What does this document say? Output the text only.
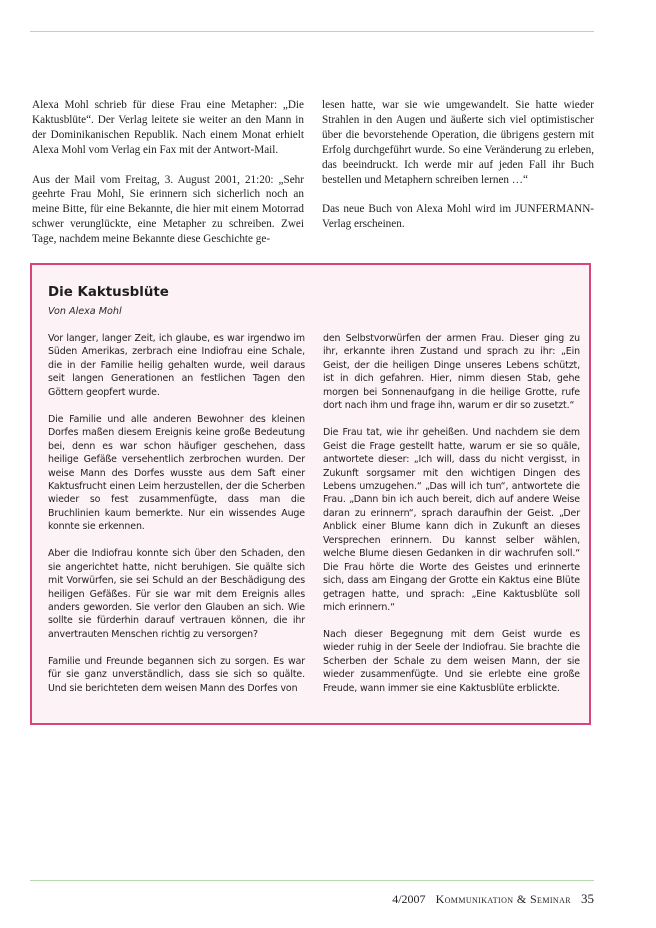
Alexa Mohl schrieb für diese Frau eine Metapher: „Die Kaktusblüte“. Der Verlag leitete sie weiter an den Mann in der Dominikanischen Republik. Nach einem Monat erhielt Alexa Mohl vom Verlag ein Fax mit der Antwort-Mail.

Aus der Mail vom Freitag, 3. August 2001, 21:20: „Sehr geehrte Frau Mohl, Sie erinnern sich sicherlich noch an meine Bitte, für eine Bekannte, die hier mit einem Motorrad schwer verunglückte, eine Metapher zu schreiben. Zwei Tage, nachdem meine Bekannte diese Geschichte ge-

lesen hatte, war sie wie umgewandelt. Sie hatte wieder Strahlen in den Augen und äußerte sich viel optimistischer über die bevorstehende Operation, die übrigens gestern mit Erfolg durchgeführt wurde. So eine Veränderung zu erleben, das beeindruckt. Ich werde mir auf jeden Fall ihr Buch bestellen und Metaphern schreiben lernen …“

Das neue Buch von Alexa Mohl wird im JUNFERMANN-Verlag erscheinen.

Die Kaktusblüte
Von Alexa Mohl

Vor langer, langer Zeit, ich glaube, es war irgendwo im Süden Amerikas, zerbrach eine Indiofrau eine Schale, die in der Familie heilig gehalten wurde, weil daraus seit langen Generationen an festlichen Tagen den Göttern geopfert wurde.

Die Familie und alle anderen Bewohner des kleinen Dorfes maßen diesem Ereignis keine große Bedeutung bei, denn es war schon häufiger geschehen, dass heilige Gefäße versehentlich zerbrochen wurden. Der weise Mann des Dorfes wusste aus dem Saft einer Kaktusfrucht einen Leim herzustellen, der die Scherben wieder so fest zusammenfügte, dass man die Bruchlinien kaum bemerkte. Nur ein wissendes Auge konnte sie erkennen.

Aber die Indiofrau konnte sich über den Schaden, den sie angerichtet hatte, nicht beruhigen. Sie quälte sich mit Vorwürfen, sie sei Schuld an der Beschädigung des heiligen Gefäßes. Für sie war mit dem Ereignis alles anders geworden. Sie verlor den Glauben an sich. Wie sollte sie fürderhin darauf vertrauen können, die ihr anvertrauten Menschen richtig zu versorgen?

Familie und Freunde begannen sich zu sorgen. Es war für sie ganz unverständlich, dass sie sich so quälte. Und sie berichteten dem weisen Mann des Dorfes von

den Selbstvorwürfen der armen Frau. Dieser ging zu ihr, erkannte ihren Zustand und sprach zu ihr: „Ein Geist, der die heiligen Dinge unseres Lebens schützt, ist in dich gefahren. Hier, nimm diesen Stab, gehe morgen bei Sonnenaufgang in die heilige Grotte, rufe dort nach ihm und frage ihn, warum er dir so zusetzt.“

Die Frau tat, wie ihr geheißen. Und nachdem sie dem Geist die Frage gestellt hatte, warum er sie so quäle, antwortete dieser: „Ich will, dass du nicht vergisst, in Zukunft sorgsamer mit den wichtigen Dingen des Lebens umzugehen.“ „Das will ich tun“, antwortete die Frau. „Dann bin ich auch bereit, dich auf andere Weise daran zu erinnern“, sprach daraufhin der Geist. „Der Anblick einer Blume kann dich in Zukunft an dieses Versprechen erinnern. Du kannst selber wählen, welche Blume diesen Gedanken in dir wachrufen soll.“ Die Frau hörte die Worte des Geistes und erinnerte sich, dass am Eingang der Grotte ein Kaktus eine Blüte getragen hatte, und sprach: „Eine Kaktusblüte soll mich erinnern.“

Nach dieser Begegnung mit dem Geist wurde es wieder ruhig in der Seele der Indiofrau. Sie brachte die Scherben der Schale zu dem weisen Mann, der sie wieder zusammenfügte. Und sie erlebte eine große Freude, wann immer sie eine Kaktusblüte erblickte.

4/2007 Kommunikation & Seminar 35
